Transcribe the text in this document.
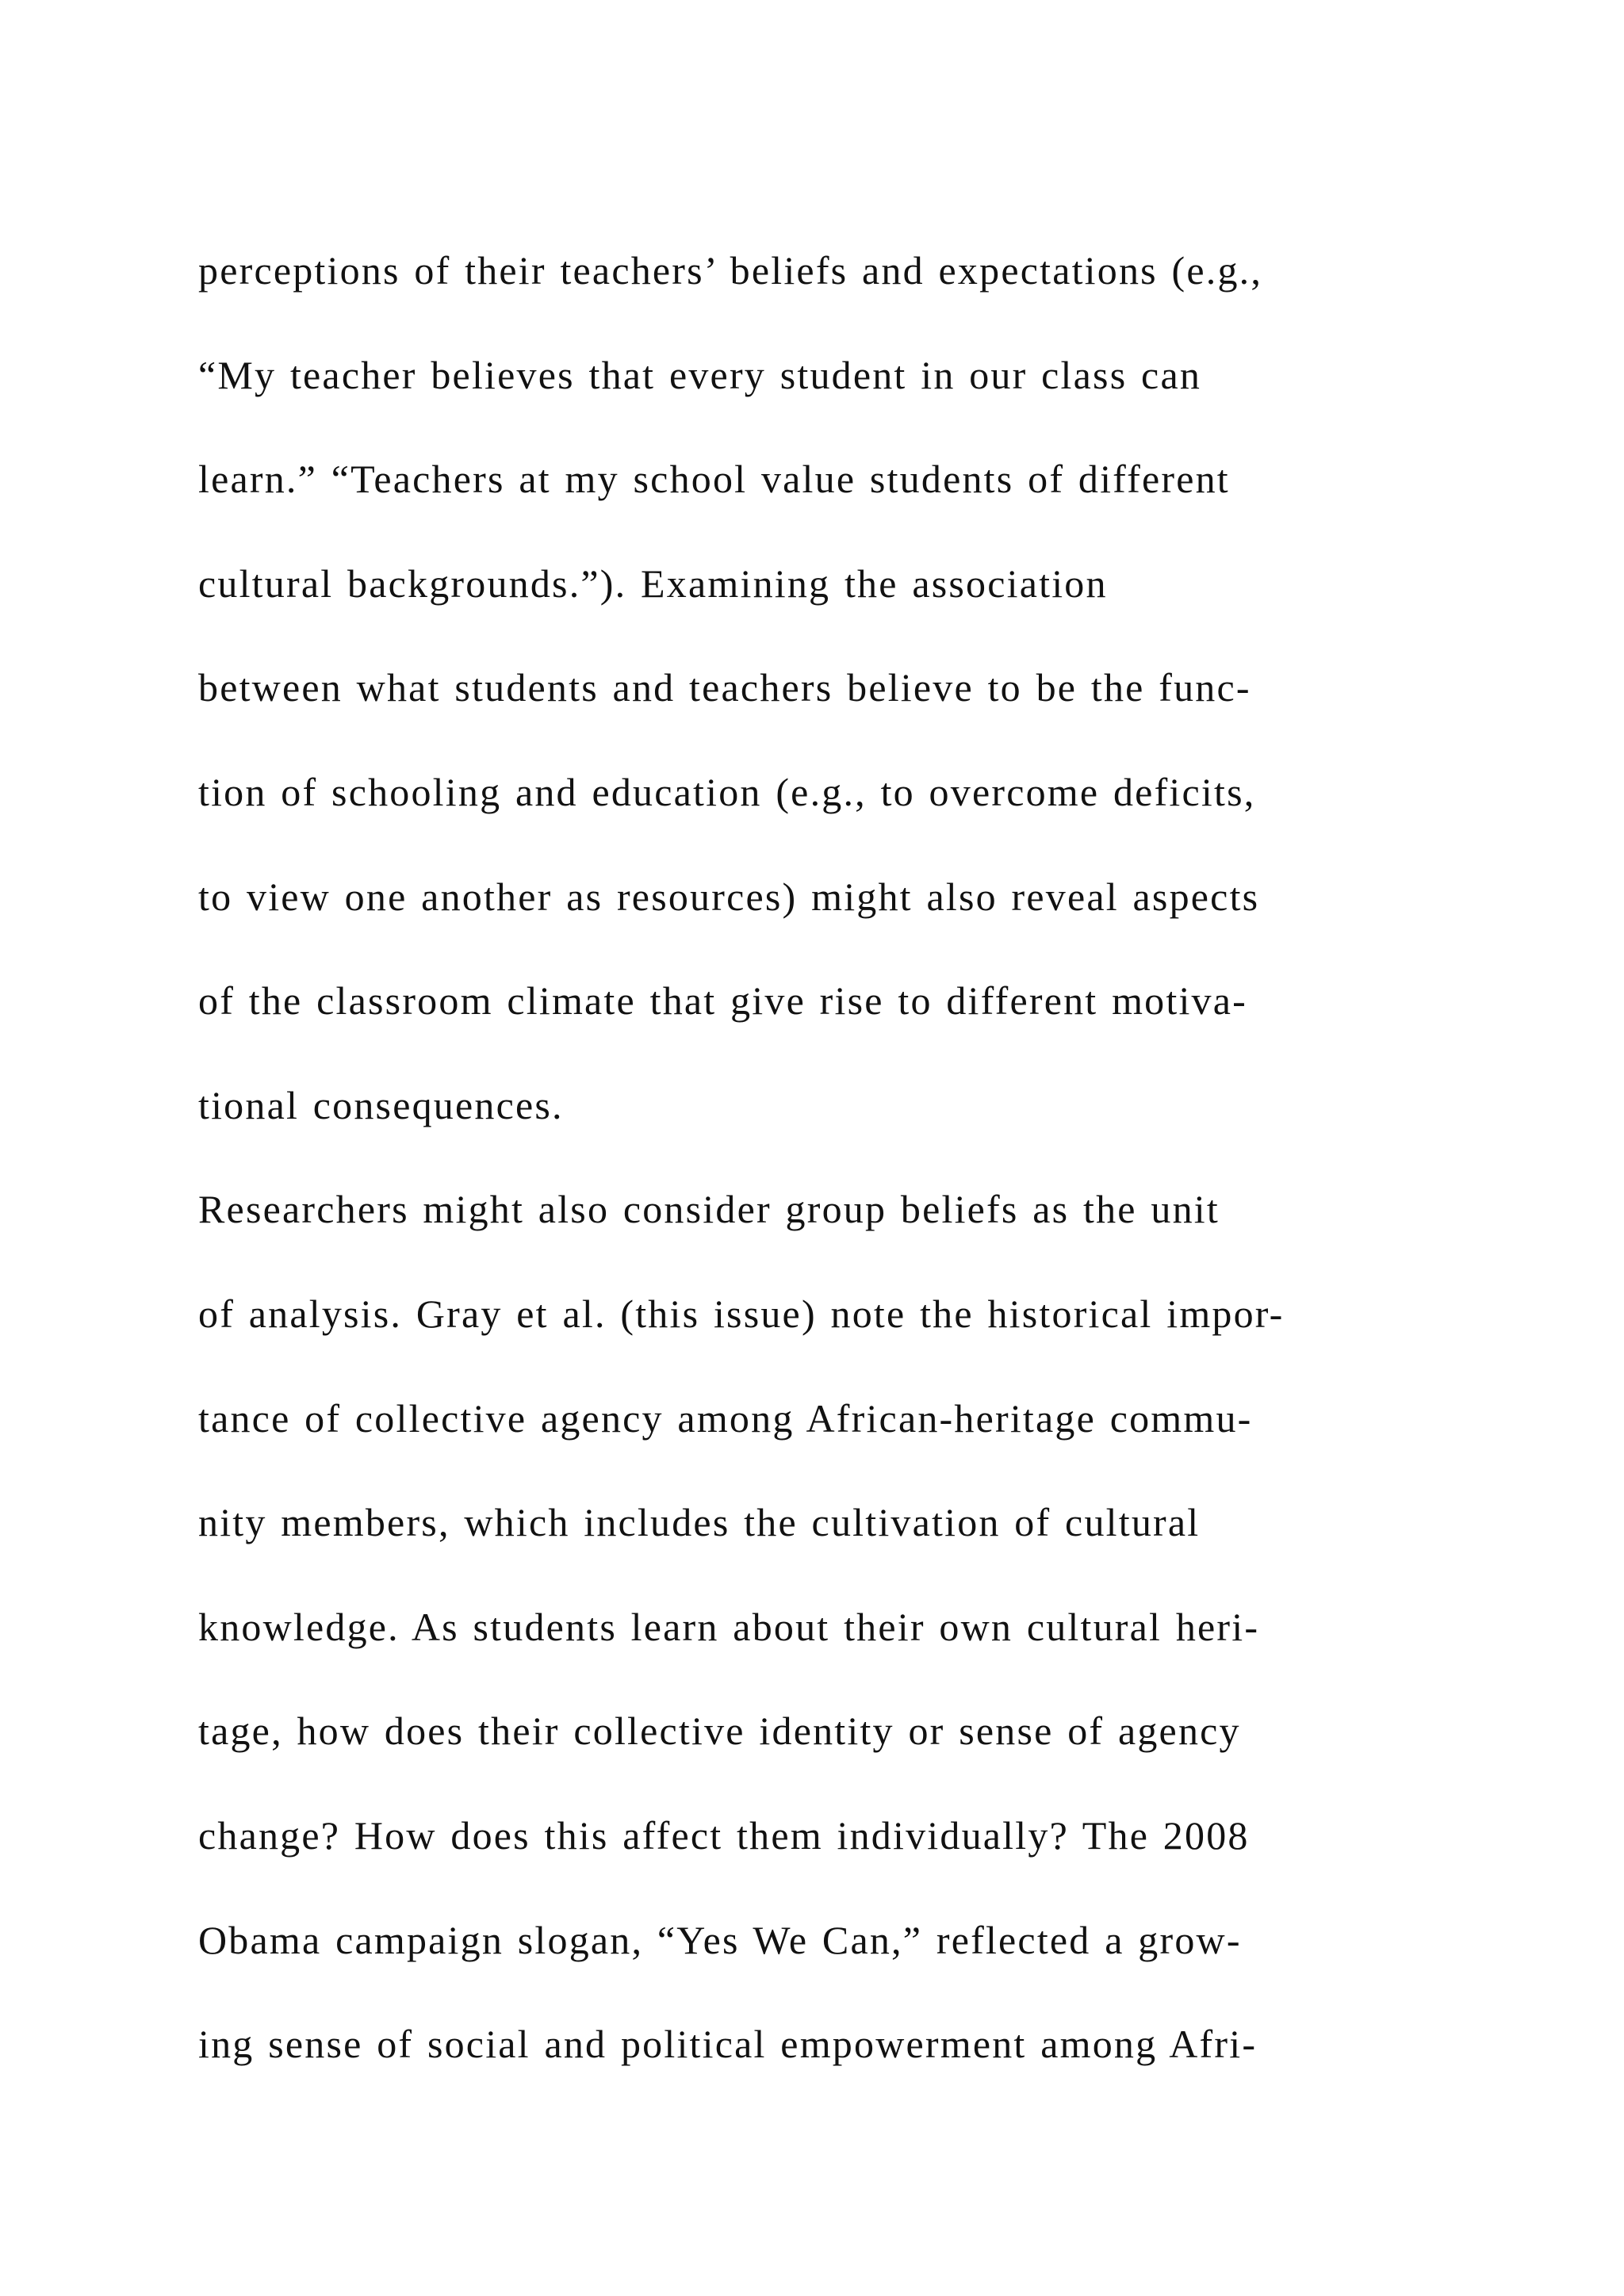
perceptions of their teachers’ beliefs and expectations (e.g.,
“My teacher believes that every student in our class can
learn.” “Teachers at my school value students of different
cultural backgrounds.”). Examining the association
between what students and teachers believe to be the func-
tion of schooling and education (e.g., to overcome deficits,
to view one another as resources) might also reveal aspects
of the classroom climate that give rise to different motiva-
tional consequences.
Researchers might also consider group beliefs as the unit
of analysis. Gray et al. (this issue) note the historical impor-
tance of collective agency among African-heritage commu-
nity members, which includes the cultivation of cultural
knowledge. As students learn about their own cultural heri-
tage, how does their collective identity or sense of agency
change? How does this affect them individually? The 2008
Obama campaign slogan, “Yes We Can,” reflected a grow-
ing sense of social and political empowerment among Afri-
